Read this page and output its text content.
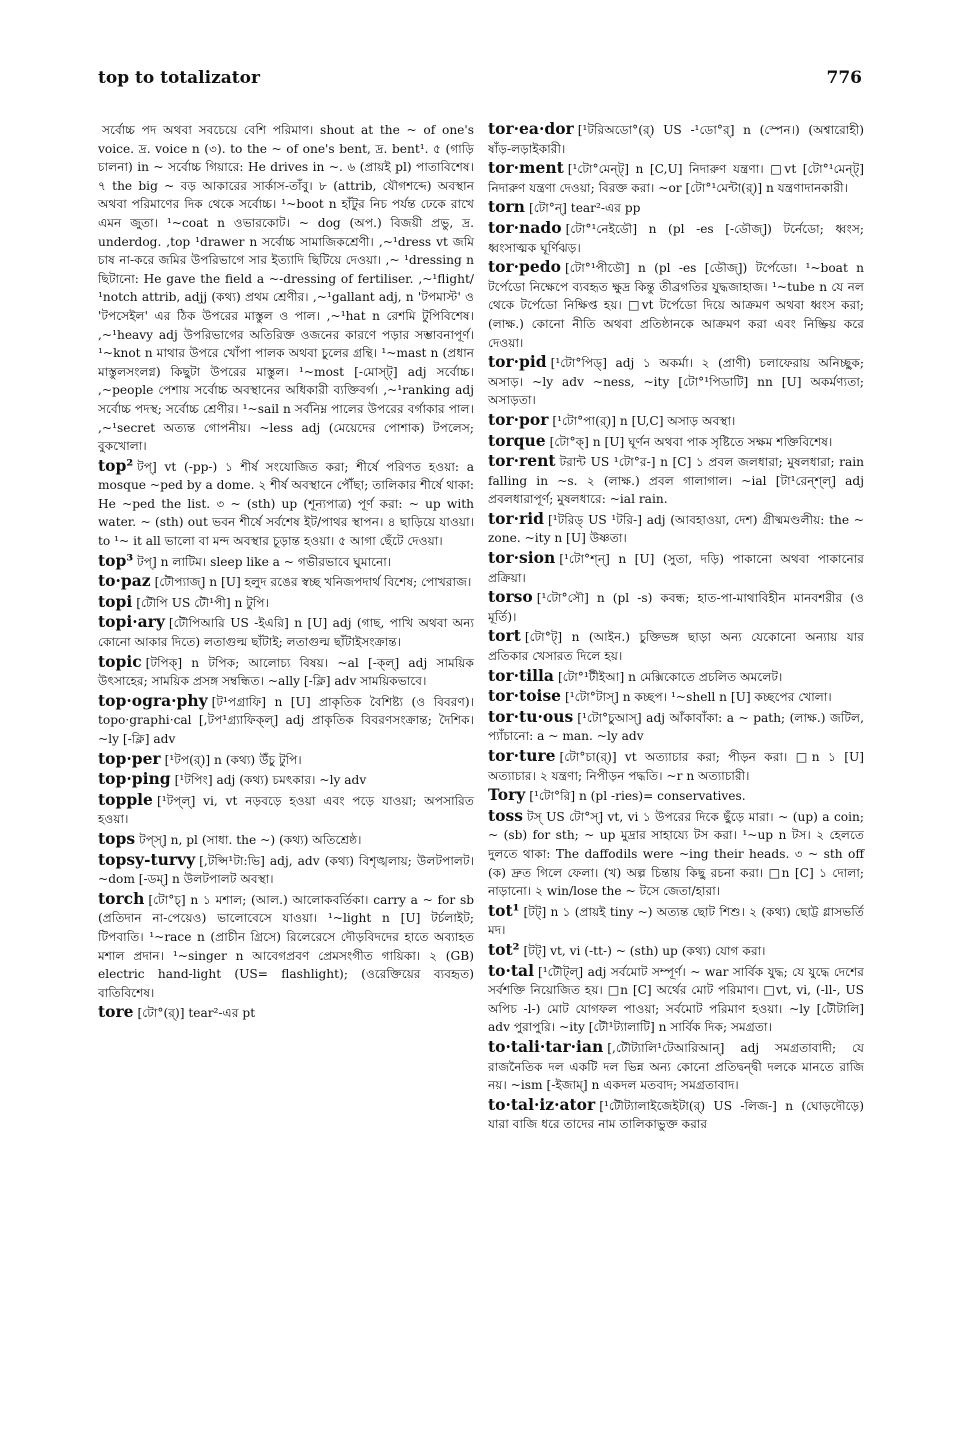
top to totalizator	776

সর্বোচ্চ পদ অথবা সবচেয়ে বেশি পরিমাণ। shout at the ~ of one's voice. দ্র. voice n (৩). to the ~ of one's bent, দ্র. bent¹. ৫ (গাড়ি চালনা) in ~ সর্বোচ্চ গিয়ারে: He drives in ~. ৬ (প্রায়ই pl) পাতাবিশেষ। ৭ the big ~ বড় আকারের সার্কাস-তাঁবু। ৮ (attrib, যৌগশব্দে) অবস্থান অথবা পরিমাণের দিক থেকে সর্বোচ্চ। ¹~boot n হাঁটুর নিচ পর্যন্ত ঢেকে রাখে এমন জুতা। ¹~coat n ওভারকোট। ~ dog (অপ.) বিজয়ী প্রভু, দ্র. underdog. ,top ¹drawer n সর্বোচ্চ সামাজিকশ্রেণী। ,~¹dress vt জমি চাষ না-করে জমির উপরিভাগে সার ইত্যাদি ছিটিয়ে দেওয়া। ,~ ¹dressing n ছিটানো: He gave the field a ~-dressing of fertiliser. ,~¹flight/¹notch attrib, adjj (কথ্য) প্রথম শ্রেণীর। ,~¹gallant adj, n 'টপমাস্ট' ও 'টপসেইল' এর ঠিক উপরের মাস্তুল ও পাল। ,~¹hat n রেশমি টুপিবিশেষ। ,~¹heavy adj উপরিভাগের অতিরিক্ত ওজনের কারণে পড়ার সম্ভাবনাপূর্ণ। ¹~knot n মাথার উপরে খোঁপা পালক অথবা চুলের গ্রন্থি। ¹~mast n (প্রধান মাস্তুলসংলগ্ন) কিছুটা উপরের মাস্তুল। ¹~most [-মোস্ট্] adj সর্বোচ্চ। ,~people পেশায় সর্বোচ্চ অবস্থানের অধিকারী ব্যক্তিবর্গ। ,~¹ranking adj সর্বোচ্চ পদস্থ; সর্বোচ্চ শ্রেণীর। ¹~sail n সর্বনিম্ন পালের উপরের বর্গাকার পাল। ,~¹secret অত্যন্ত গোপনীয়। ~less adj (মেয়েদের পোশাক) টপলেস; বুকখোলা।

top² টপ্] vt (-pp-) ১ শীর্ষ সংযোজিত করা; শীর্ষে পরিণত হওয়া: a mosque ~ped by a dome. ২ শীর্ষ অবস্থানে পৌঁছা; তালিকার শীর্ষে থাকা: He ~ped the list. ৩ ~ (sth) up (শূন্যপাত্র) পূর্ণ করা: ~ up with water. ~ (sth) out ভবন শীর্ষে সর্বশেষ ইট/পাথর স্থাপন। ৪ ছাড়িয়ে যাওয়া। to ¹~ it all ভালো বা মন্দ অবস্থার চূড়ান্ত হওয়া। ৫ আগা ছেঁটে দেওয়া।

top³ টপ্] n লাটিম। sleep like a ~ গভীরভাবে ঘুমানো।

to·paz [টৌপ্যাজ্] n [U] হলুদ রঙের স্বচ্ছ খনিজপদার্থ বিশেষ; পোখরাজ।

topi [টৌপি US টৌ¹পী] n টুপি।

topi·ary [টৌপিআরি US -ইএরি] n [U] adj (গাছ, পাখি অথবা অন্য কোনো আকার দিতে) লতাগুল্ম ছাঁটাই; লতাগুল্ম ছাঁটাইসংক্রান্ত।

topic [টপিক্] n টপিক; আলোচ্য বিষয়। ~al [-ক্ল্] adj সাময়িক উৎসাহের; সাময়িক প্রসঙ্গ সম্বন্ধিত। ~ally [-ক্লি] adv সাময়িকভাবে।

top·ogra·phy [ট¹পগ্রাফি] n [U] প্রাকৃতিক বৈশিষ্ট্য (ও বিবরণ)। topo·graphi·cal [,টপ¹গ্র্যাফিক্ল্] adj প্রাকৃতিক বিবরণসংক্রান্ত; দৈশিক। ~ly [-ক্লি] adv

top·per [¹টপ(র্)] n (কথ্য) উঁচু টুপি।

top·ping [¹টপিং] adj (কথ্য) চমৎকার। ~ly adv

topple [¹টপ্ল্] vi, vt নড়বড়ে হওয়া এবং পড়ে যাওয়া; অপসারিত হওয়া।

tops টপ্স্] n, pl (সাধা. the ~) (কথ্য) অতিশ্রেষ্ঠ।

topsy-turvy [,টপ্সি¹টা:ভি] adj, adv (কথ্য) বিশৃঙ্খলায়; উলটপালট। ~dom [-ডম্] n উলটপালট অবস্থা।

torch [টো°চ্] n ১ মশাল; (আল.) আলোকবর্তিকা। carry a ~ for sb (প্রতিদান না-পেয়েও) ভালোবেসে যাওয়া। ¹~light n [U] টর্চলাইট; টিপবাতি। ¹~race n (প্রাচীন গ্রিসে) রিলেরেসে দৌড়বিদদের হাতে অব্যাহত মশাল প্রদান। ¹~singer n আবেগপ্রবণ প্রেমসংগীত গায়িকা। ২ (GB) electric hand-light (US= flashlight); (ওরেক্তিয়ের ব্যবহৃত) বাতিবিশেষ।

tore [টো°(র্)] tear²-এর pt

tor·ea·dor [¹টরিঅডো°(র্) US -¹ডো°র্] n (স্পেন।) (অশ্বারোহী) ষাঁড়-লড়াইকারী।

tor·ment [¹টো°মেন্ট্] n [C,U] নিদারুণ যন্ত্রণা। □vt [টো°¹মেন্ট্] নিদারুণ যন্ত্রণা দেওয়া; বিরক্ত করা। ~or [টো°¹মেন্টা(র্)] n যন্ত্রণাদানকারী।

torn [টো°ন্] tear²-এর pp

tor·nado [টো°¹নেইডৌ] n (pl -es [-ডৌজ্]) টর্নেডো; ধ্বংস; ধ্বংসাত্মক ঘূর্ণিঝড়।

tor·pedo [টো°¹পীডৌ] n (pl -es [ডৌজ্]) টর্পেডো। ¹~boat n টর্পেডো নিক্ষেপে ব্যবহৃত ক্ষুদ্র কিন্তু তীব্রগতির যুদ্ধজাহাজ। ¹~tube n যে নল থেকে টর্পেডো নিক্ষিপ্ত হয়। □vt টর্পেডো দিয়ে আক্রমণ অথবা ধ্বংস করা; (লাক্ষ.) কোনো নীতি অথবা প্রতিষ্ঠানকে আক্রমণ করা এবং নিষ্ক্রিয় করে দেওয়া।

tor·pid [¹টো°পিড্] adj ১ অকর্মা। ২ (প্রাণী) চলাফেরায় অনিচ্ছুক; অসাড়। ~ly adv ~ness, ~ity [টো°¹পিডাটি] nn [U] অকর্মণ্যতা; অসাড়তা।

tor·por [¹টো°পা(র্)] n [U,C] অসাড় অবস্থা।

torque [টো°ক্] n [U] ঘূর্ণন অথবা পাক সৃষ্টিতে সক্ষম শক্তিবিশেষ।

tor·rent টরান্ট US ¹টো°র-] n [C] ১ প্রবল জলধারা; মুষলধারা; rain falling in ~s. ২ (লাক্ষ.) প্রবল গালাগাল। ~ial [টা¹রেন্শ্ল্] adj প্রবলধারাপূর্ণ; মুষলধারে: ~ial rain.

tor·rid [¹টরিড্ US ¹টরি-] adj (আবহাওয়া, দেশ) গ্রীষ্মমণ্ডলীয়: the ~ zone. ~ity n [U] উষ্ণতা।

tor·sion [¹টো°শ্ন্] n [U] (সুতা, দড়ি) পাকানো অথবা পাকানোর প্রক্রিয়া।

torso [¹টো°সৌ] n (pl -s) কবন্ধ; হাত-পা-মাথাবিহীন মানবশরীর (ও মূর্তি)।

tort [টো°ট্] n (আইন.) চুক্তিভঙ্গ ছাড়া অন্য যেকোনো অন্যায় যার প্রতিকার খেসারত দিলে হয়।

tor·tilla [টো°¹টীইআ] n মেক্সিকোতে প্রচলিত অমলেট।

tor·toise [¹টো°টাস্] n কচ্ছপ। ¹~shell n [U] কচ্ছপের খোলা।

tor·tu·ous [¹টো°চুআস্] adj আঁকাবাঁকা: a ~ path; (লাক্ষ.) জটিল, প্যাঁচানো: a ~ man. ~ly adv

tor·ture [টো°চা(র্)] vt অত্যাচার করা; পীড়ন করা। □n ১ [U] অত্যাচার। ২ যন্ত্রণা; নিপীড়ন পদ্ধতি। ~r n অত্যাচারী।

Tory [¹টো°রি] n (pl -ries)= conservatives.

toss টস্ US টো°স্] vt, vi ১ উপরের দিকে ছুঁড়ে মারা। ~ (up) a coin; ~ (sb) for sth; ~ up মুদ্রার সাহায্যে টস করা। ¹~up n টস। ২ হেলতে দুলতে থাকা: The daffodils were ~ing their heads. ৩ ~ sth off (ক) দ্রুত গিলে ফেলা। (খ) অল্প চিন্তায় কিছু রচনা করা। □n [C] ১ দোলা; নাড়ানো। ২ win/lose the ~ টসে জেতা/হারা।

tot¹ [টট্] n ১ (প্রায়ই tiny ~) অত্যন্ত ছোট শিশু। ২ (কথ্য) ছোট্ট গ্লাসভর্তি মদ।

tot² [টট্] vt, vi (-tt-) ~ (sth) up (কথ্য) যোগ করা।

to·tal [¹টৌট্ল্] adj সর্বমোট সম্পূর্ণ। ~ war সার্বিক যুদ্ধ; যে যুদ্ধে দেশের সর্বশক্তি নিয়োজিত হয়। □n [C] অর্থের মোট পরিমাণ। □vt, vi, (-ll-, US অপিচ -l-) মোট যোগফল পাওয়া; সর্বমোট পরিমাণ হওয়া। ~ly [টৌটালি] adv পুরাপুরি। ~ity [টৌ¹ট্যালাটি] n সার্বিক দিক; সমগ্রতা।

to·tali·tar·ian [,টৌট্যালি¹টেআরিআন্] adj সমগ্রতাবাদী; যে রাজনৈতিক দল একটি দল ভিন্ন অন্য কোনো প্রতিদ্বন্দ্বী দলকে মানতে রাজি নয়। ~ism [-ইজাম্] n একদল মতবাদ; সমগ্রতাবাদ।

to·tal·iz·ator [¹টৌট্যালাইজেইটা(র্) US -লিজ-] n (ঘোড়দৌড়ে) যারা বাজি ধরে তাদের নাম তালিকাভুক্ত করার
